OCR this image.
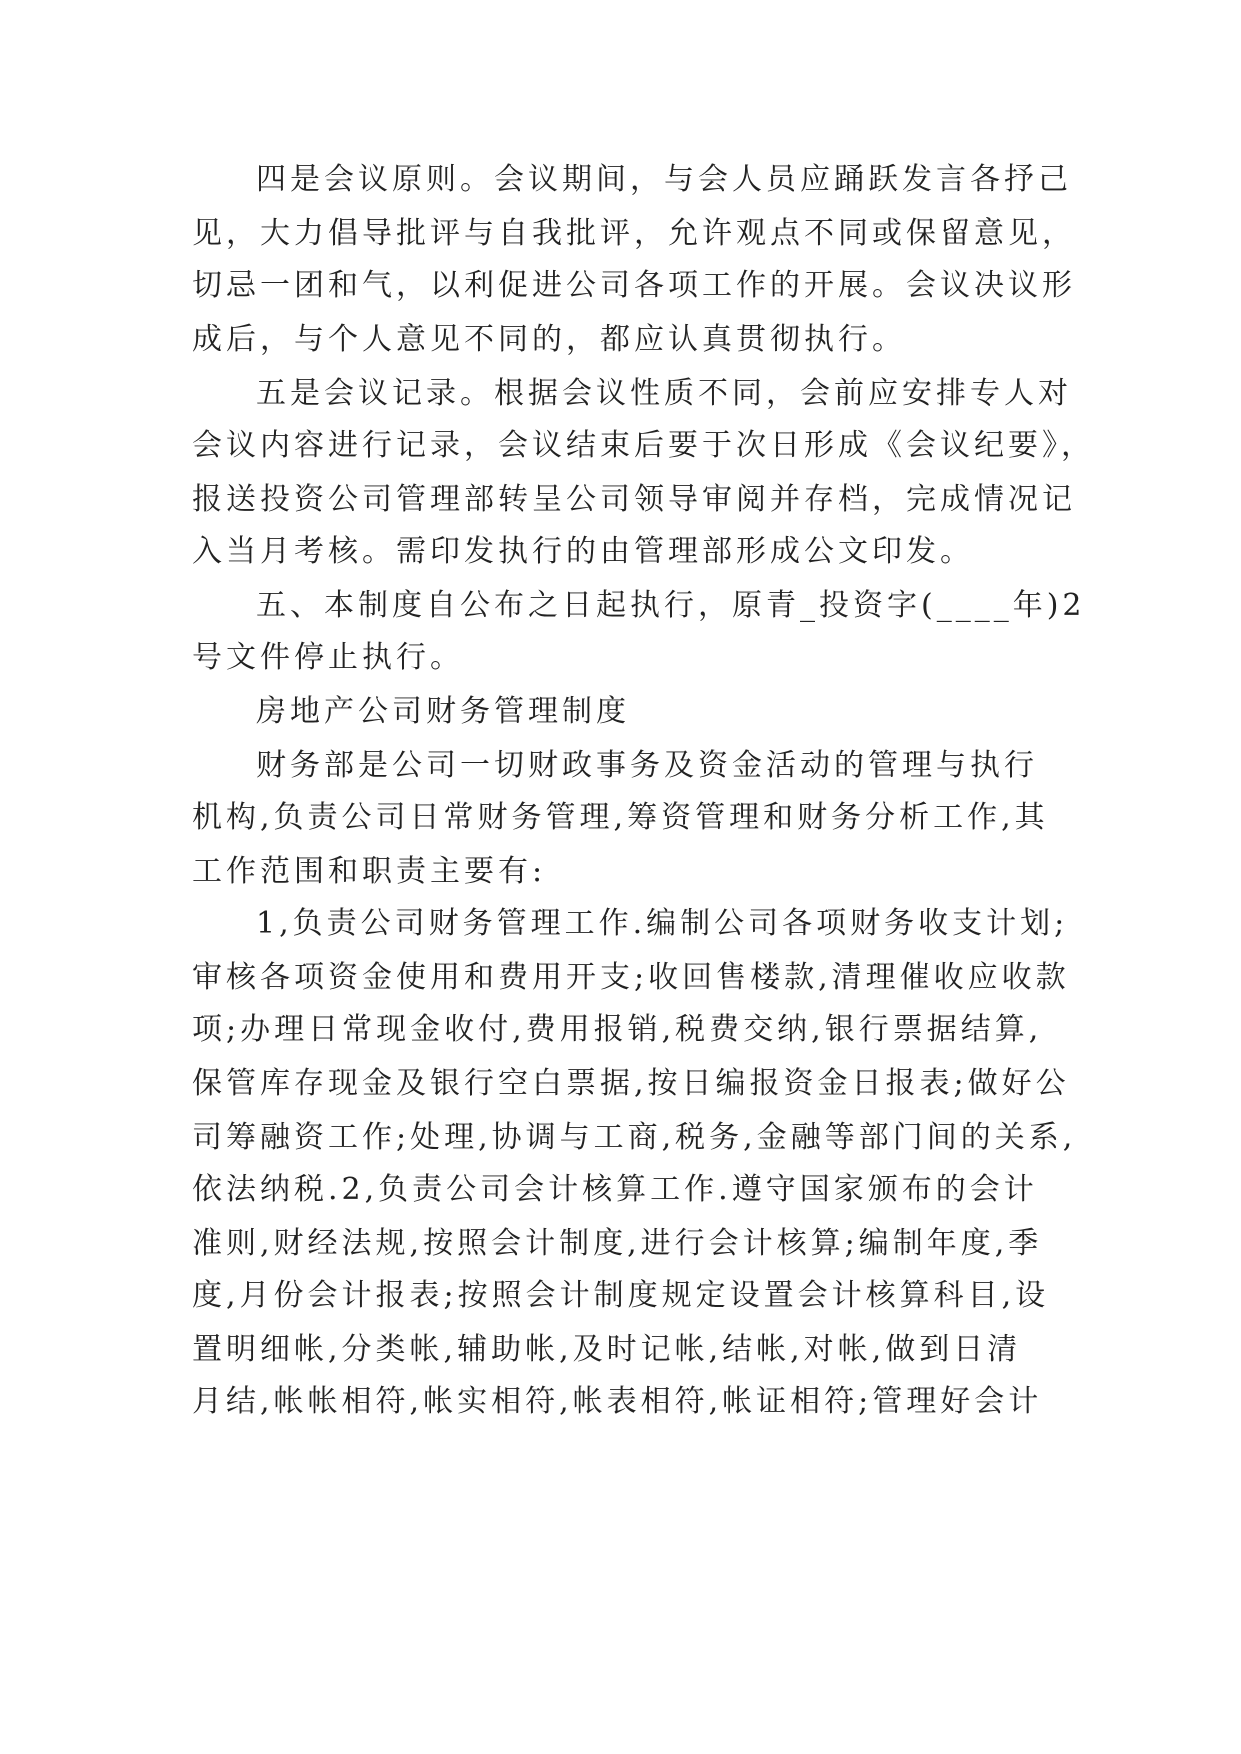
四是会议原则。会议期间，与会人员应踊跃发言各抒己
见，大力倡导批评与自我批评，允许观点不同或保留意见，
切忌一团和气，以利促进公司各项工作的开展。会议决议形
成后，与个人意见不同的，都应认真贯彻执行。
五是会议记录。根据会议性质不同，会前应安排专人对
会议内容进行记录，会议结束后要于次日形成《会议纪要》，
报送投资公司管理部转呈公司领导审阅并存档，完成情况记
入当月考核。需印发执行的由管理部形成公文印发。
五、本制度自公布之日起执行，原青_投资字(____年)2
号文件停止执行。
房地产公司财务管理制度
财务部是公司一切财政事务及资金活动的管理与执行
机构,负责公司日常财务管理,筹资管理和财务分析工作,其
工作范围和职责主要有:
1,负责公司财务管理工作.编制公司各项财务收支计划;
审核各项资金使用和费用开支;收回售楼款,清理催收应收款
项;办理日常现金收付,费用报销,税费交纳,银行票据结算,
保管库存现金及银行空白票据,按日编报资金日报表;做好公
司筹融资工作;处理,协调与工商,税务,金融等部门间的关系,
依法纳税.2,负责公司会计核算工作.遵守国家颁布的会计
准则,财经法规,按照会计制度,进行会计核算;编制年度,季
度,月份会计报表;按照会计制度规定设置会计核算科目,设
置明细帐,分类帐,辅助帐,及时记帐,结帐,对帐,做到日清
月结,帐帐相符,帐实相符,帐表相符,帐证相符;管理好会计
